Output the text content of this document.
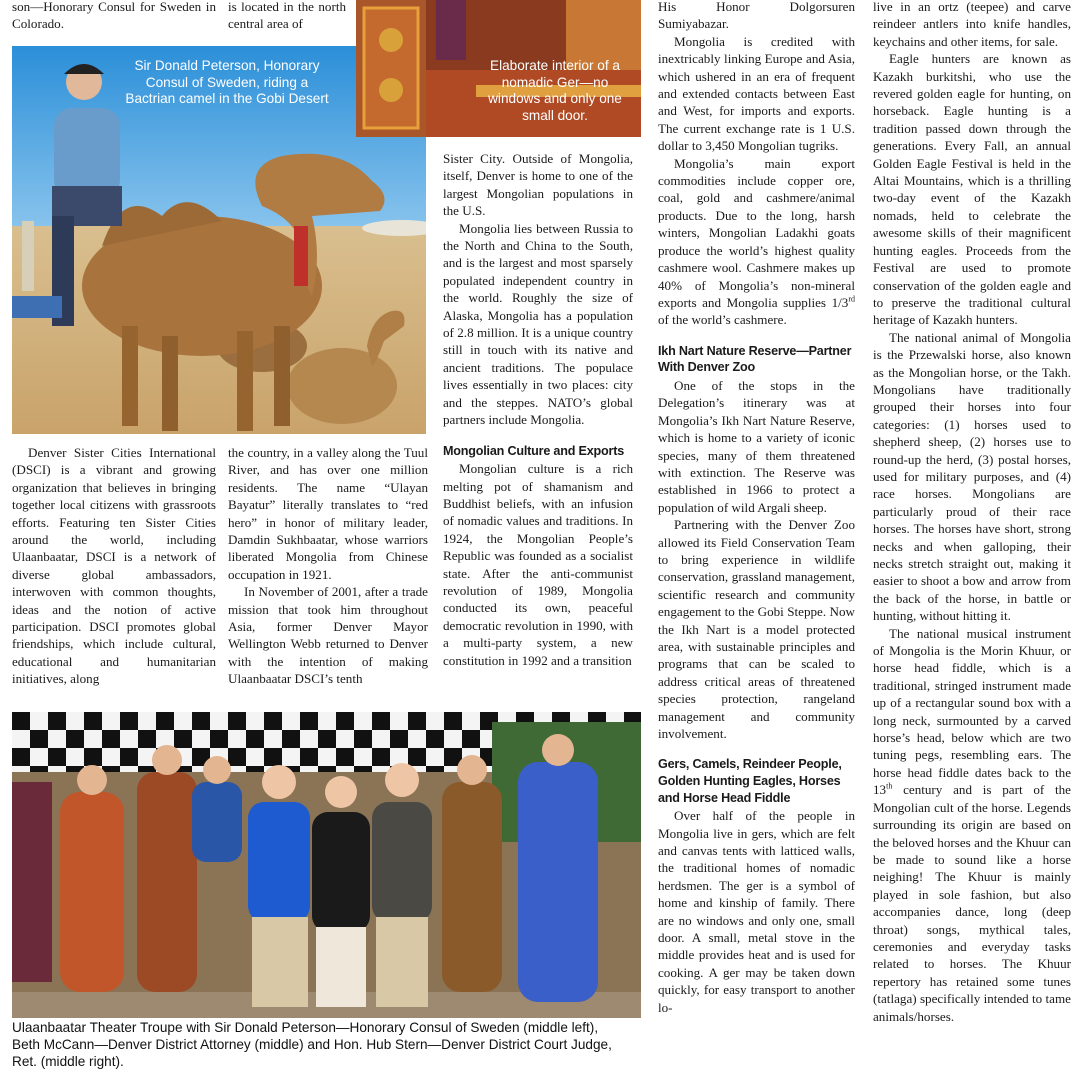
son—Honorary Consul for Sweden in Colorado.

is located in the north central area of

Sir Donald Peterson, Honorary Consul of Sweden, riding a Bactrian camel in the Gobi Desert
Elaborate interior of a nomadic Ger—no windows and only one small door.

Denver Sister Cities International (DSCI) is a vibrant and growing organization that believes in bringing together local citizens with grassroots efforts. Featuring ten Sister Cities around the world, including Ulaanbaatar, DSCI is a network of diverse global ambassadors, interwoven with common thoughts, ideas and the notion of active participation. DSCI promotes global friendships, which include cultural, educational and humanitarian initiatives, along

the country, in a valley along the Tuul River, and has over one million residents. The name “Ulayan Bayatur” literally translates to “red hero” in honor of military leader, Damdin Sukhbaatar, whose warriors liberated Mongolia from Chinese occupation in 1921.

In November of 2001, after a trade mission that took him throughout Asia, former Denver Mayor Wellington Webb returned to Denver with the intention of making Ulaanbaatar DSCI’s tenth

Sister City. Outside of Mongolia, itself, Denver is home to one of the largest Mongolian populations in the U.S.

Mongolia lies between Russia to the North and China to the South, and is the largest and most sparsely populated independent country in the world. Roughly the size of Alaska, Mongolia has a population of 2.8 million. It is a unique country still in touch with its native and ancient traditions. The populace lives essentially in two places: city and the steppes. NATO’s global partners include Mongolia.

Mongolian Culture and Exports

Mongolian culture is a rich melting pot of shamanism and Buddhist beliefs, with an infusion of nomadic values and traditions. In 1924, the Mongolian People’s Republic was founded as a socialist state. After the anti-communist revolution of 1989, Mongolia conducted its own, peaceful democratic revolution in 1990, with a multi-party system, a new constitution in 1992 and a transition

His Honor Dolgorsuren Sumiyabazar.

Mongolia is credited with inextricably linking Europe and Asia, which ushered in an era of frequent and extended contacts between East and West, for imports and exports. The current exchange rate is 1 U.S. dollar to 3,450 Mongolian tugriks.

Mongolia’s main export commodities include copper ore, coal, gold and cashmere/animal products. Due to the long, harsh winters, Mongolian Ladakhi goats produce the world’s highest quality cashmere wool. Cashmere makes up 40% of Mongolia’s non-mineral exports and Mongolia supplies 1/3rd of the world’s cashmere.

Ikh Nart Nature Reserve—Partner With Denver Zoo

One of the stops in the Delegation’s itinerary was at Mongolia’s Ikh Nart Nature Reserve, which is home to a variety of iconic species, many of them threatened with extinction. The Reserve was established in 1966 to protect a population of wild Argali sheep.

Partnering with the Denver Zoo allowed its Field Conservation Team to bring experience in wildlife conservation, grassland management, scientific research and community engagement to the Gobi Steppe. Now the Ikh Nart is a model protected area, with sustainable principles and programs that can be scaled to address critical areas of threatened species protection, rangeland management and community involvement.

Gers, Camels, Reindeer People, Golden Hunting Eagles, Horses and Horse Head Fiddle

Over half of the people in Mongolia live in gers, which are felt and canvas tents with latticed walls, the traditional homes of nomadic herdsmen. The ger is a symbol of home and kinship of family. There are no windows and only one, small door. A small, metal stove in the middle provides heat and is used for cooking. A ger may be taken down quickly, for easy transport to another lo-

live in an ortz (teepee) and carve reindeer antlers into knife handles, keychains and other items, for sale.

Eagle hunters are known as Kazakh burkitshi, who use the revered golden eagle for hunting, on horseback. Eagle hunting is a tradition passed down through the generations. Every Fall, an annual Golden Eagle Festival is held in the Altai Mountains, which is a thrilling two-day event of the Kazakh nomads, held to celebrate the awesome skills of their magnificent hunting eagles. Proceeds from the Festival are used to promote conservation of the golden eagle and to preserve the traditional cultural heritage of Kazakh hunters.

The national animal of Mongolia is the Przewalski horse, also known as the Mongolian horse, or the Takh. Mongolians have traditionally grouped their horses into four categories: (1) horses used to shepherd sheep, (2) horses use to round-up the herd, (3) postal horses, used for military purposes, and (4) race horses. Mongolians are particularly proud of their race horses. The horses have short, strong necks and when galloping, their necks stretch straight out, making it easier to shoot a bow and arrow from the back of the horse, in battle or hunting, without hitting it.

The national musical instrument of Mongolia is the Morin Khuur, or horse head fiddle, which is a traditional, stringed instrument made up of a rectangular sound box with a long neck, surmounted by a carved horse’s head, below which are two tuning pegs, resembling ears. The horse head fiddle dates back to the 13th century and is part of the Mongolian cult of the horse. Legends surrounding its origin are based on the beloved horses and the Khuur can be made to sound like a horse neighing! The Khuur is mainly played in sole fashion, but also accompanies dance, long (deep throat) songs, mythical tales, ceremonies and everyday tasks related to horses. The Khuur repertory has retained some tunes (tatlaga) specifically intended to tame animals/horses.

Ulaanbaatar Theater Troupe with Sir Donald Peterson—Honorary Consul of Sweden (middle left), Beth McCann—Denver District Attorney (middle) and Hon. Hub Stern—Denver District Court Judge, Ret. (middle right).
